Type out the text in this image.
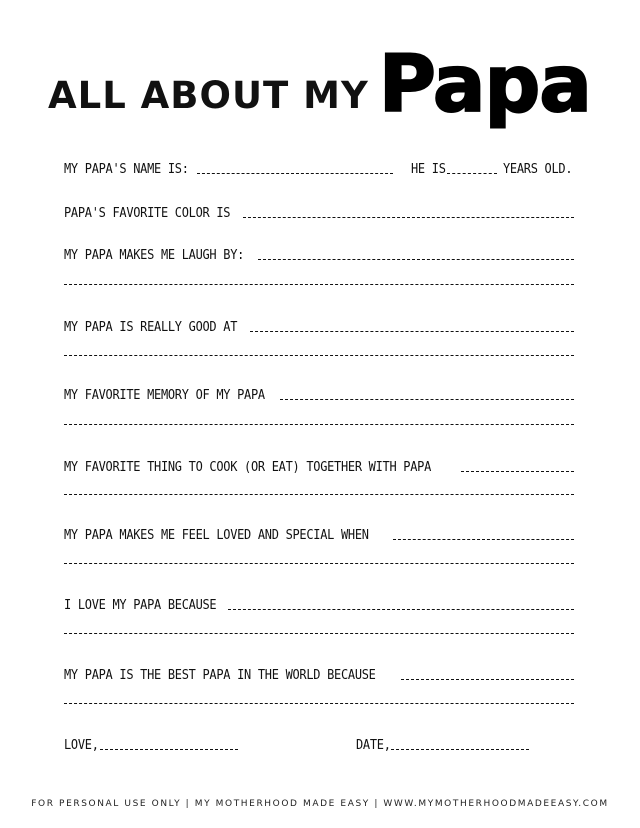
ALL ABOUT MY Papa
MY PAPA'S NAME IS:	HE IS	YEARS OLD.
PAPA'S FAVORITE COLOR IS
MY PAPA MAKES ME LAUGH BY:
MY PAPA IS REALLY GOOD AT
MY FAVORITE MEMORY OF MY PAPA
MY FAVORITE THING TO COOK (OR EAT) TOGETHER WITH PAPA
MY PAPA MAKES ME FEEL LOVED AND SPECIAL WHEN
I LOVE MY PAPA BECAUSE
MY PAPA IS THE BEST PAPA IN THE WORLD BECAUSE
LOVE,	DATE,
FOR PERSONAL USE ONLY | MY MOTHERHOOD MADE EASY | WWW.MYMOTHERHOODMADEEASY.COM
